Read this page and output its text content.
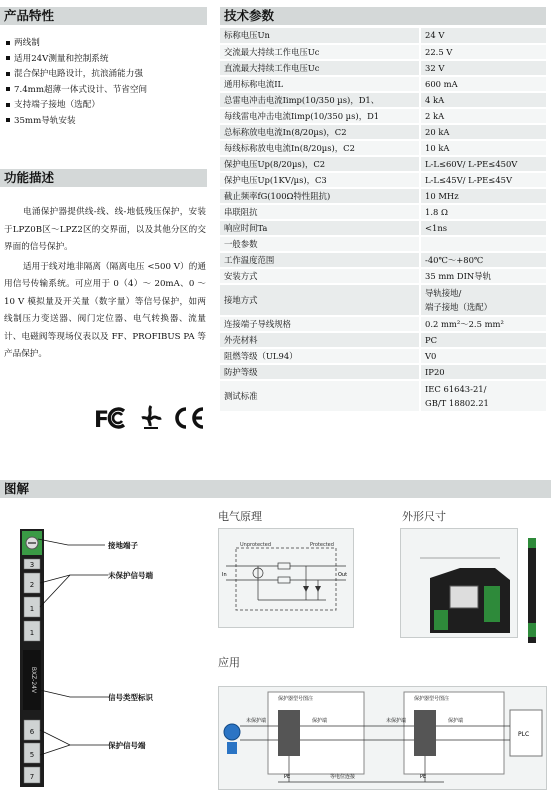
产品特性
两线制
适用24V测量和控制系统
混合保护电路设计，抗浪涌能力强
7.4mm超薄一体式设计、节省空间
支持端子接地（选配）
35mm导轨安装
技术参数
标称电压Un	24 V
交流最大持续工作电压Uc	22.5 V
直流最大持续工作电压Uc	32 V
通用标称电流IL	600 mA
总雷电冲击电流Iimp(10/350 µs)，D1、	4 kA
每线雷电冲击电流Iimp(10/350 µs)，D1	2 kA
总标称放电电流In(8/20µs)，C2	20 kA
每线标称放电电流In(8/20µs)，C2	10 kA
保护电压Up(8/20µs)，C2	L-L≤60V/ L-PE≤450V
保护电压Up(1KV/µs)，C3	L-L≤45V/ L-PE≤45V
截止频率fG(100Ω特性阻抗)	10 MHz
串联阻抗	1.8 Ω
响应时间Ta	<1ns
一般参数	
工作温度范围	-40℃～+80℃
安装方式	35 mm DIN导轨
接地方式	导轨接地/
端子接地（选配）
连接端子导线规格	0.2 mm²～2.5 mm²
外壳材料	PC
阻燃等级（UL94）	V0
防护等级	IP20
测试标准	IEC 61643-21/
GB/T 18802.21
功能描述

电涌保护器提供线-线、线-地低残压保护，安装于LPZ0B区～LPZ2区的交界面，以及其他分区的交界面的信号保护。

适用于线对地非隔离（隔离电压 <500 V）的通用信号传输系统。可应用于 0（4）～ 20mA、0 ～ 10 V 模拟量及开关量（数字量）等信号保护，如两线制压力变送器、阀门定位器、电气转换器、流量计、电磁阀等现场仪表以及 FF、PROFIBUS PA 等产品保护。

F
图解
3
2
1
1
6
5
7
BXZ-24V
接地端子
未保护信号端
信号类型标识
保护信号端
电气原理
Unprotected	Protected
In	Out
外形尺寸
应用
保护器型号图注	保护器型号图注
未保护端	保护端	未保护端	保护端
PE	PE
等电位连接
PLC
